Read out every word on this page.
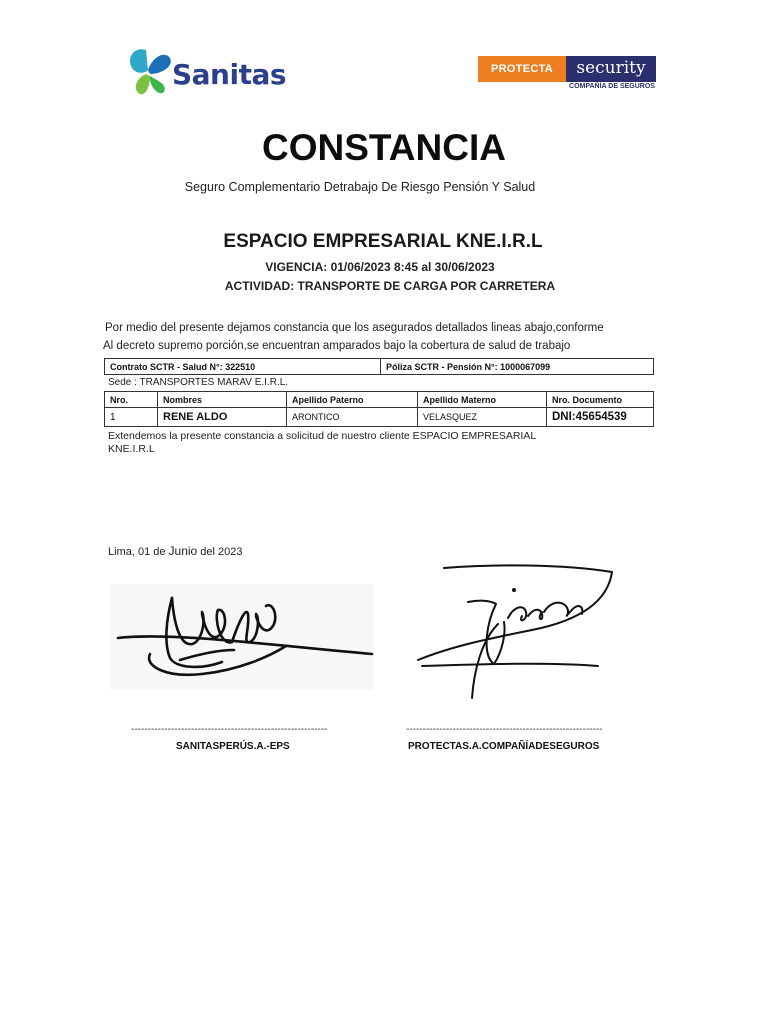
Sanitas	PROTECTA	security
COMPAÑÍA DE SEGUROS
CONSTANCIA
Seguro Complementario Detrabajo De Riesgo Pensión Y Salud
ESPACIO EMPRESARIAL KNE.I.R.L
VIGENCIA: 01/06/2023 8:45 al 30/06/2023
ACTIVIDAD: TRANSPORTE DE CARGA POR CARRETERA
Por medio del presente dejamos constancia que los asegurados detallados lineas abajo,conforme
Al decreto supremo porción,se encuentran amparados bajo la cobertura de salud de trabajo
Contrato SCTR - Salud N°: 322510	Póliza SCTR - Pensión N°: 1000067099
Sede : TRANSPORTES MARAV E.I.R.L.
Nro.	Nombres	Apellido Paterno	Apellido Materno	Nro. Documento
1	RENE ALDO	ARONTICO	VELASQUEZ	DNI:45654539
Extendemos la presente constancia a solicitud de nuestro cliente ESPACIO EMPRESARIAL
KNE.I.R.L
Lima, 01 de Junio del 2023
-----------------------------------------------------------	-----------------------------------------------------------
SANITASPERÚS.A.-EPS	PROTECTAS.A.COMPAÑÍADESEGUROS
